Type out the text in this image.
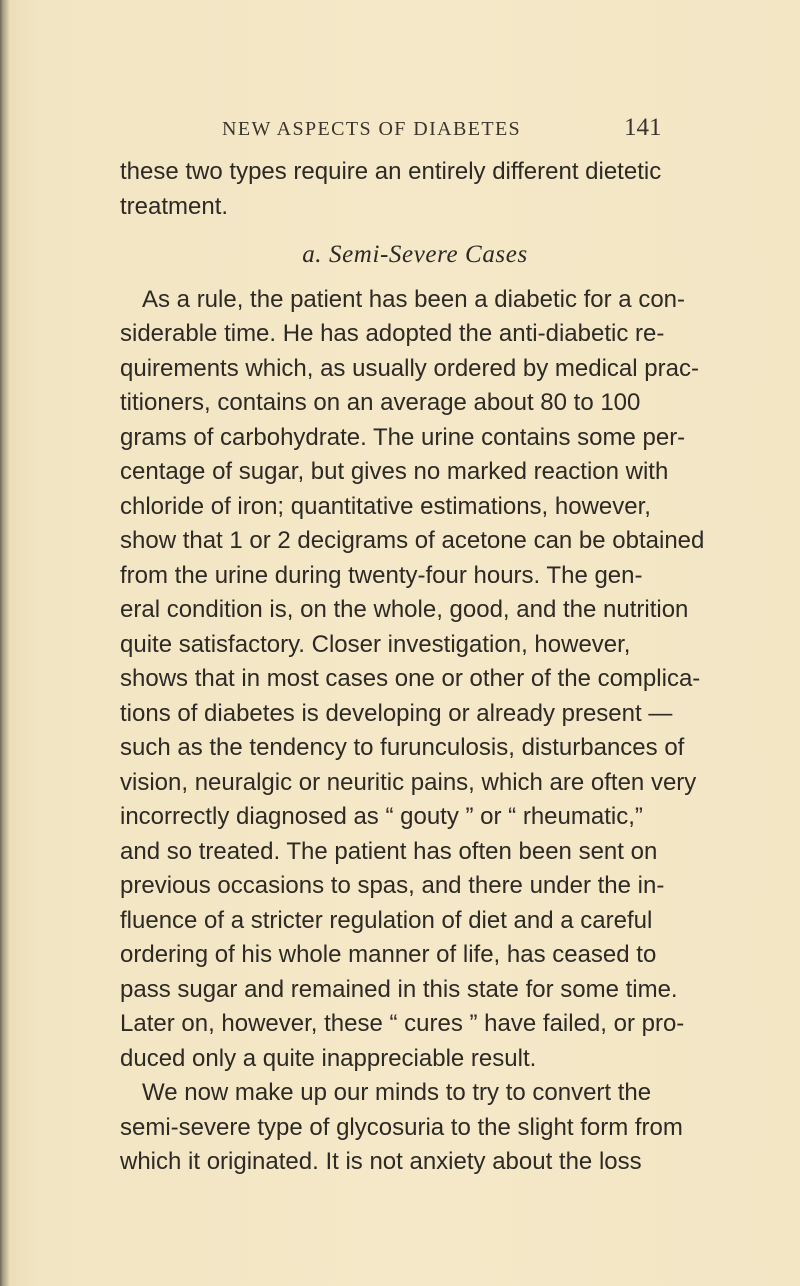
NEW ASPECTS OF DIABETES	141
these two types require an entirely different dietetic
treatment.
a. Semi-Severe Cases
As a rule, the patient has been a diabetic for a con-
siderable time. He has adopted the anti-diabetic re-
quirements which, as usually ordered by medical prac-
titioners, contains on an average about 80 to 100
grams of carbohydrate. The urine contains some per-
centage of sugar, but gives no marked reaction with
chloride of iron; quantitative estimations, however,
show that 1 or 2 decigrams of acetone can be obtained
from the urine during twenty-four hours. The gen-
eral condition is, on the whole, good, and the nutrition
quite satisfactory. Closer investigation, however,
shows that in most cases one or other of the complica-
tions of diabetes is developing or already present —
such as the tendency to furunculosis, disturbances of
vision, neuralgic or neuritic pains, which are often very
incorrectly diagnosed as “ gouty ” or “ rheumatic,”
and so treated. The patient has often been sent on
previous occasions to spas, and there under the in-
fluence of a stricter regulation of diet and a careful
ordering of his whole manner of life, has ceased to
pass sugar and remained in this state for some time.
Later on, however, these “ cures ” have failed, or pro-
duced only a quite inappreciable result.
We now make up our minds to try to convert the
semi-severe type of glycosuria to the slight form from
which it originated. It is not anxiety about the loss
